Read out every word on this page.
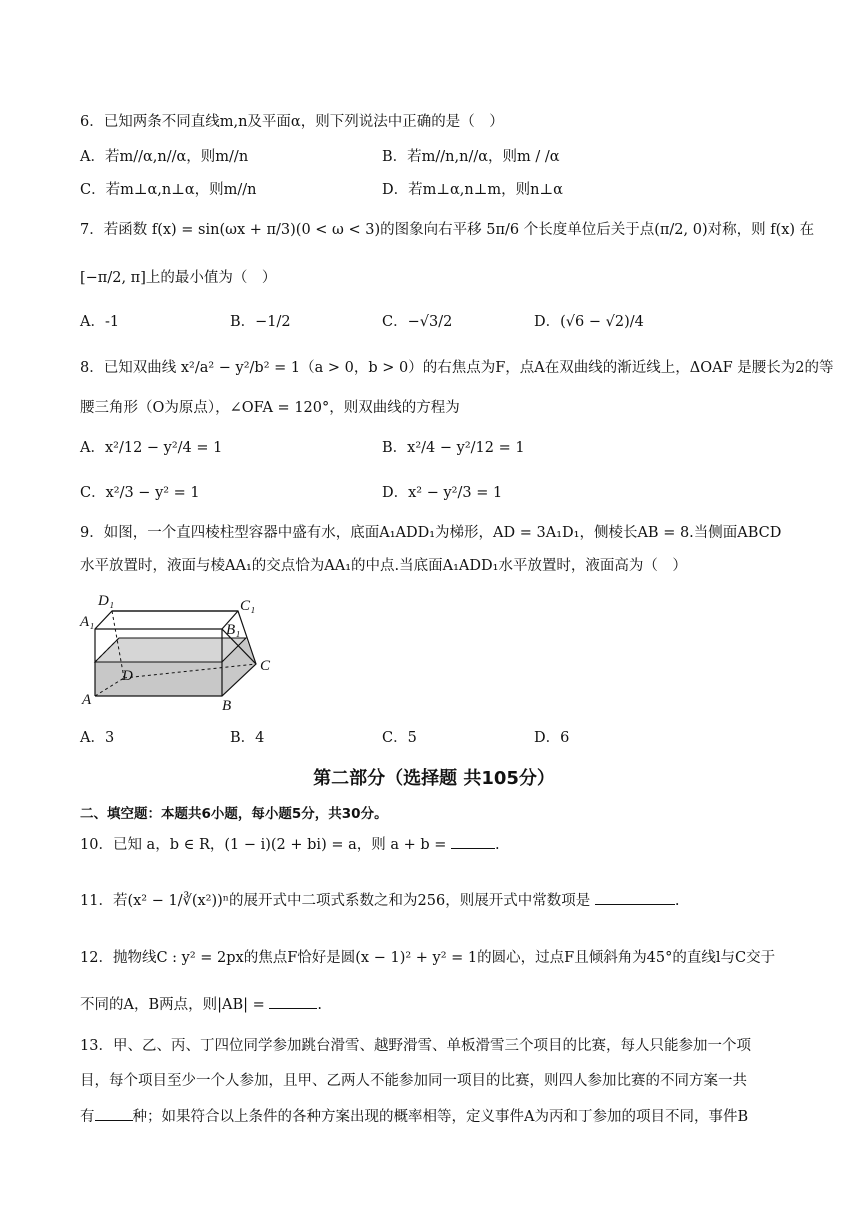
6．已知两条不同直线m,n及平面α，则下列说法中正确的是（　）
A．若m//α,n//α，则m//n	B．若m//n,n//α，则m / /α
C．若m⊥α,n⊥α，则m//n	D．若m⊥α,n⊥m，则n⊥α
7．若函数 f(x) = sin(ωx + π/3)(0 < ω < 3)的图象向右平移 5π/6 个长度单位后关于点(π/2, 0)对称，则 f(x) 在
[−π/2, π]上的最小值为（　）
A．-1	B．−1/2	C．−√3/2	D．(√6 − √2)/4
8．已知双曲线 x²/a² − y²/b² = 1（a > 0，b > 0）的右焦点为F，点A在双曲线的渐近线上，ΔOAF 是腰长为2的等
腰三角形（O为原点），∠OFA = 120°，则双曲线的方程为
A．x²/12 − y²/4 = 1	B．x²/4 − y²/12 = 1
C．x²/3 − y² = 1	D．x² − y²/3 = 1
9．如图，一个直四棱柱型容器中盛有水，底面A₁ADD₁为梯形，AD = 3A₁D₁，侧棱长AB = 8.当侧面ABCD
水平放置时，液面与棱AA₁的交点恰为AA₁的中点.当底面A₁ADD₁水平放置时，液面高为（　）
D₁	C₁
A₁	B₁
C
D
A	B
A．3	B．4	C．5	D．6
第二部分（选择题 共105分）
二、填空题：本题共6小题，每小题5分，共30分。
10．已知 a，b ∈ R，(1 − i)(2 + bi) = a，则 a + b =	.
11．若(x² − 1/∛(x²))ⁿ的展开式中二项式系数之和为256，则展开式中常数项是	.
12．抛物线C : y² = 2px的焦点F恰好是圆(x − 1)² + y² = 1的圆心，过点F且倾斜角为45°的直线l与C交于
不同的A，B两点，则|AB| =	.
13．甲、乙、丙、丁四位同学参加跳台滑雪、越野滑雪、单板滑雪三个项目的比赛，每人只能参加一个项
目，每个项目至少一个人参加，且甲、乙两人不能参加同一项目的比赛，则四人参加比赛的不同方案一共
有	种；如果符合以上条件的各种方案出现的概率相等，定义事件A为丙和丁参加的项目不同，事件B
